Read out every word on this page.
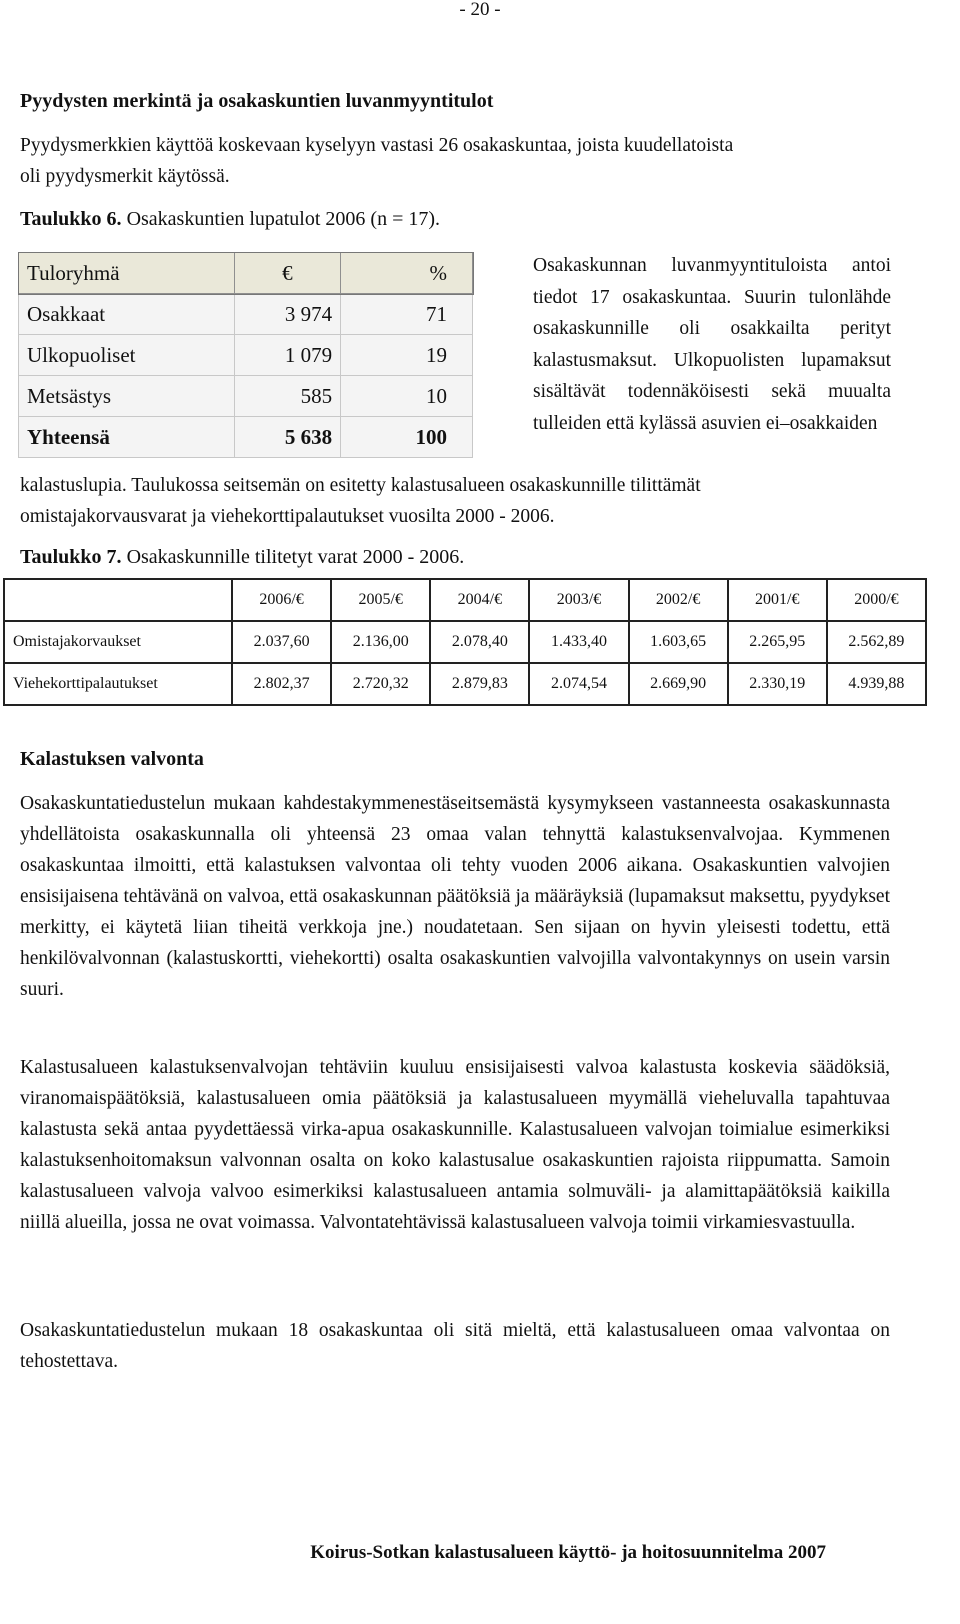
- 20 -
Pyydysten merkintä ja osakaskuntien luvanmyyntitulot
Pyydysmerkkien käyttöä koskevaan kyselyyn vastasi 26 osakaskuntaa, joista kuudellatoista
oli pyydysmerkit käytössä.
Taulukko 6. Osakaskuntien lupatulot 2006 (n = 17).
Tuloryhmä	€	%
Osakkaat	3 974	71
Ulkopuoliset	1 079	19
Metsästys	585	10
Yhteensä	5 638	100
Osakaskunnan luvanmyyntituloista antoi tiedot 17 osakaskuntaa. Suurin tulonlähde osakaskunnille oli osakkailta perityt kalastusmaksut. Ulkopuolisten lupamaksut sisältävät todennäköisesti sekä muualta tulleiden että kylässä asuvien ei–osakkaiden
kalastuslupia. Taulukossa seitsemän on esitetty kalastusalueen osakaskunnille tilittämät
omistajakorvausvarat ja viehekorttipalautukset vuosilta 2000 - 2006.
Taulukko 7. Osakaskunnille tilitetyt varat 2000 - 2006.
	2006/€	2005/€	2004/€	2003/€	2002/€	2001/€	2000/€
Omistajakorvaukset	2.037,60	2.136,00	2.078,40	1.433,40	1.603,65	2.265,95	2.562,89
Viehekorttipalautukset	2.802,37	2.720,32	2.879,83	2.074,54	2.669,90	2.330,19	4.939,88
Kalastuksen valvonta
Osakaskuntatiedustelun mukaan kahdestakymmenestäseitsemästä kysymykseen vastanneesta osakaskunnasta yhdellätoista osakaskunnalla oli yhteensä 23 omaa valan tehnyttä kalastuksenvalvojaa. Kymmenen osakaskuntaa ilmoitti, että kalastuksen valvontaa oli tehty vuoden 2006 aikana. Osakaskuntien valvojien ensisijaisena tehtävänä on valvoa, että osakaskunnan päätöksiä ja määräyksiä (lupamaksut maksettu, pyydykset merkitty, ei käytetä liian tiheitä verkkoja jne.) noudatetaan. Sen sijaan on hyvin yleisesti todettu, että henkilövalvonnan (kalastuskortti, viehekortti) osalta osakaskuntien valvojilla valvontakynnys on usein varsin suuri.
Kalastusalueen kalastuksenvalvojan tehtäviin kuuluu ensisijaisesti valvoa kalastusta koskevia säädöksiä, viranomaispäätöksiä, kalastusalueen omia päätöksiä ja kalastusalueen myymällä vieheluvalla tapahtuvaa kalastusta sekä antaa pyydettäessä virka-apua osakaskunnille. Kalastusalueen valvojan toimialue esimerkiksi kalastuksenhoitomaksun valvonnan osalta on koko kalastusalue osakaskuntien rajoista riippumatta. Samoin kalastusalueen valvoja valvoo esimerkiksi kalastusalueen antamia solmuväli- ja alamittapäätöksiä kaikilla niillä alueilla, jossa ne ovat voimassa. Valvontatehtävissä kalastusalueen valvoja toimii virkamiesvastuulla.
Osakaskuntatiedustelun mukaan 18 osakaskuntaa oli sitä mieltä, että kalastusalueen omaa valvontaa on tehostettava.
Koirus-Sotkan kalastusalueen käyttö- ja hoitosuunnitelma 2007
